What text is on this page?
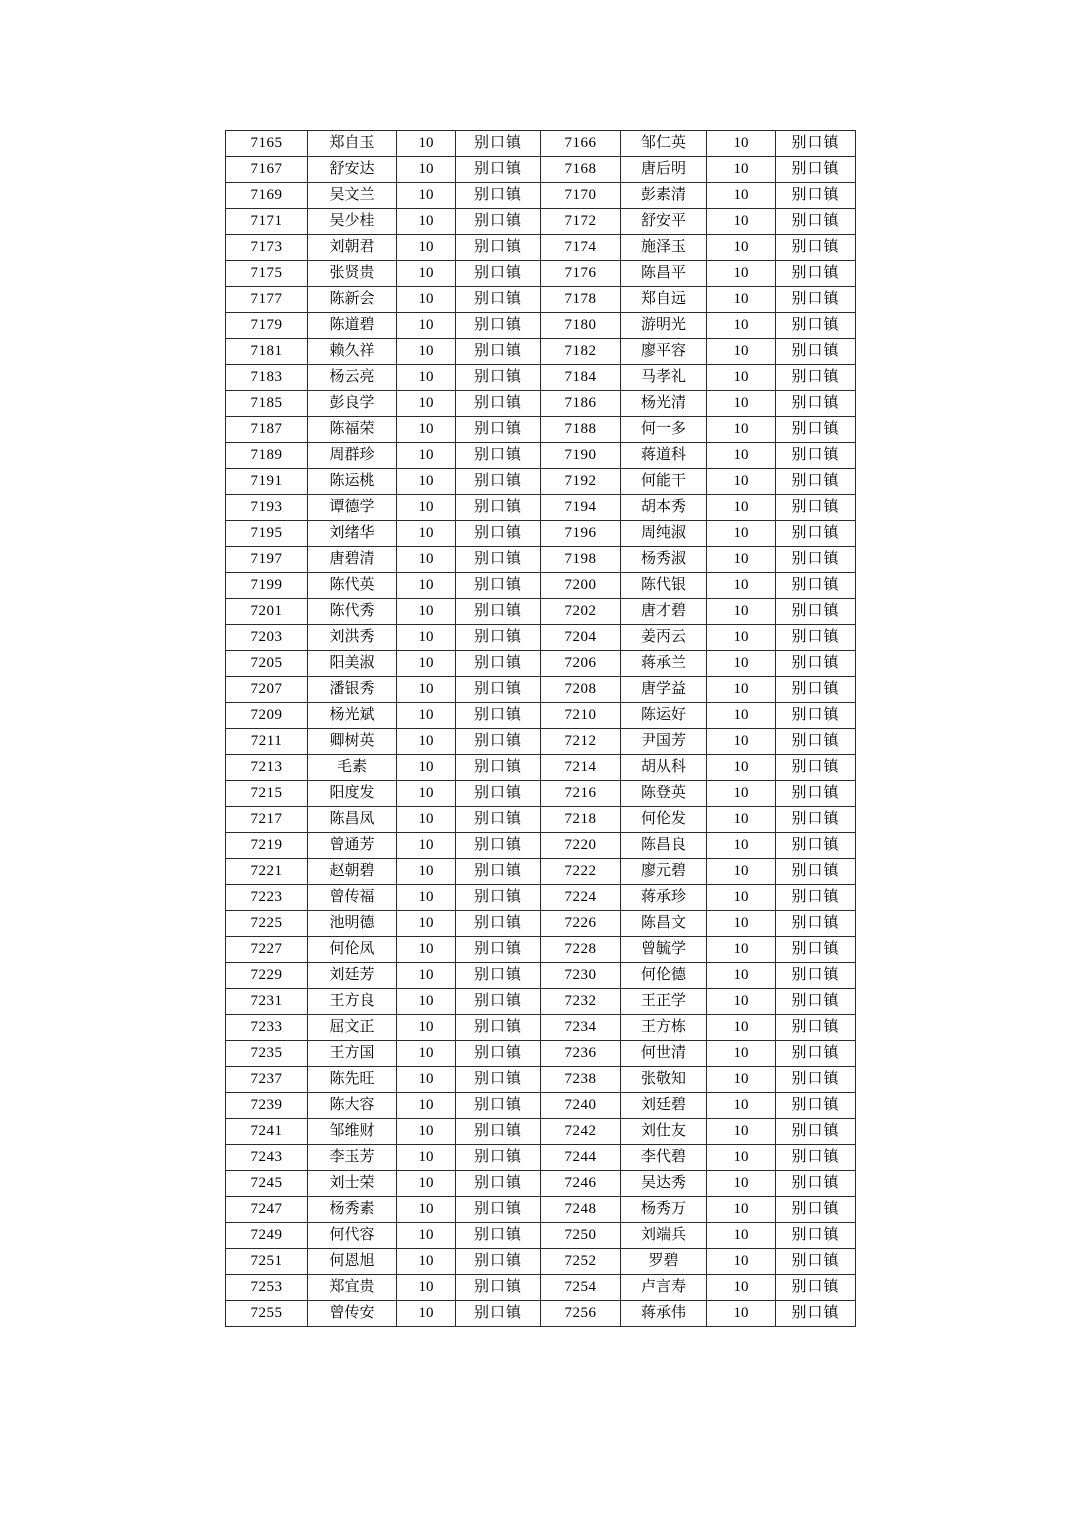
7165	郑自玉	10	别口镇	7166	邹仁英	10	别口镇
7167	舒安达	10	别口镇	7168	唐后明	10	别口镇
7169	吴文兰	10	别口镇	7170	彭素清	10	别口镇
7171	吴少桂	10	别口镇	7172	舒安平	10	别口镇
7173	刘朝君	10	别口镇	7174	施泽玉	10	别口镇
7175	张贤贵	10	别口镇	7176	陈昌平	10	别口镇
7177	陈新会	10	别口镇	7178	郑自远	10	别口镇
7179	陈道碧	10	别口镇	7180	游明光	10	别口镇
7181	赖久祥	10	别口镇	7182	廖平容	10	别口镇
7183	杨云亮	10	别口镇	7184	马孝礼	10	别口镇
7185	彭良学	10	别口镇	7186	杨光清	10	别口镇
7187	陈福荣	10	别口镇	7188	何一多	10	别口镇
7189	周群珍	10	别口镇	7190	蒋道科	10	别口镇
7191	陈运桃	10	别口镇	7192	何能干	10	别口镇
7193	谭德学	10	别口镇	7194	胡本秀	10	别口镇
7195	刘绪华	10	别口镇	7196	周纯淑	10	别口镇
7197	唐碧清	10	别口镇	7198	杨秀淑	10	别口镇
7199	陈代英	10	别口镇	7200	陈代银	10	别口镇
7201	陈代秀	10	别口镇	7202	唐才碧	10	别口镇
7203	刘洪秀	10	别口镇	7204	姜丙云	10	别口镇
7205	阳美淑	10	别口镇	7206	蒋承兰	10	别口镇
7207	潘银秀	10	别口镇	7208	唐学益	10	别口镇
7209	杨光斌	10	别口镇	7210	陈运好	10	别口镇
7211	卿树英	10	别口镇	7212	尹国芳	10	别口镇
7213	毛素	10	别口镇	7214	胡从科	10	别口镇
7215	阳度发	10	别口镇	7216	陈登英	10	别口镇
7217	陈昌凤	10	别口镇	7218	何伦发	10	别口镇
7219	曾通芳	10	别口镇	7220	陈昌良	10	别口镇
7221	赵朝碧	10	别口镇	7222	廖元碧	10	别口镇
7223	曾传福	10	别口镇	7224	蒋承珍	10	别口镇
7225	池明德	10	别口镇	7226	陈昌文	10	别口镇
7227	何伦凤	10	别口镇	7228	曾毓学	10	别口镇
7229	刘廷芳	10	别口镇	7230	何伦德	10	别口镇
7231	王方良	10	别口镇	7232	王正学	10	别口镇
7233	屈文正	10	别口镇	7234	王方栋	10	别口镇
7235	王方国	10	别口镇	7236	何世清	10	别口镇
7237	陈先旺	10	别口镇	7238	张敬知	10	别口镇
7239	陈大容	10	别口镇	7240	刘廷碧	10	别口镇
7241	邹维财	10	别口镇	7242	刘仕友	10	别口镇
7243	李玉芳	10	别口镇	7244	李代碧	10	别口镇
7245	刘士荣	10	别口镇	7246	吴达秀	10	别口镇
7247	杨秀素	10	别口镇	7248	杨秀万	10	别口镇
7249	何代容	10	别口镇	7250	刘端兵	10	别口镇
7251	何恩旭	10	别口镇	7252	罗碧	10	别口镇
7253	郑宜贵	10	别口镇	7254	卢言寿	10	别口镇
7255	曾传安	10	别口镇	7256	蒋承伟	10	别口镇
